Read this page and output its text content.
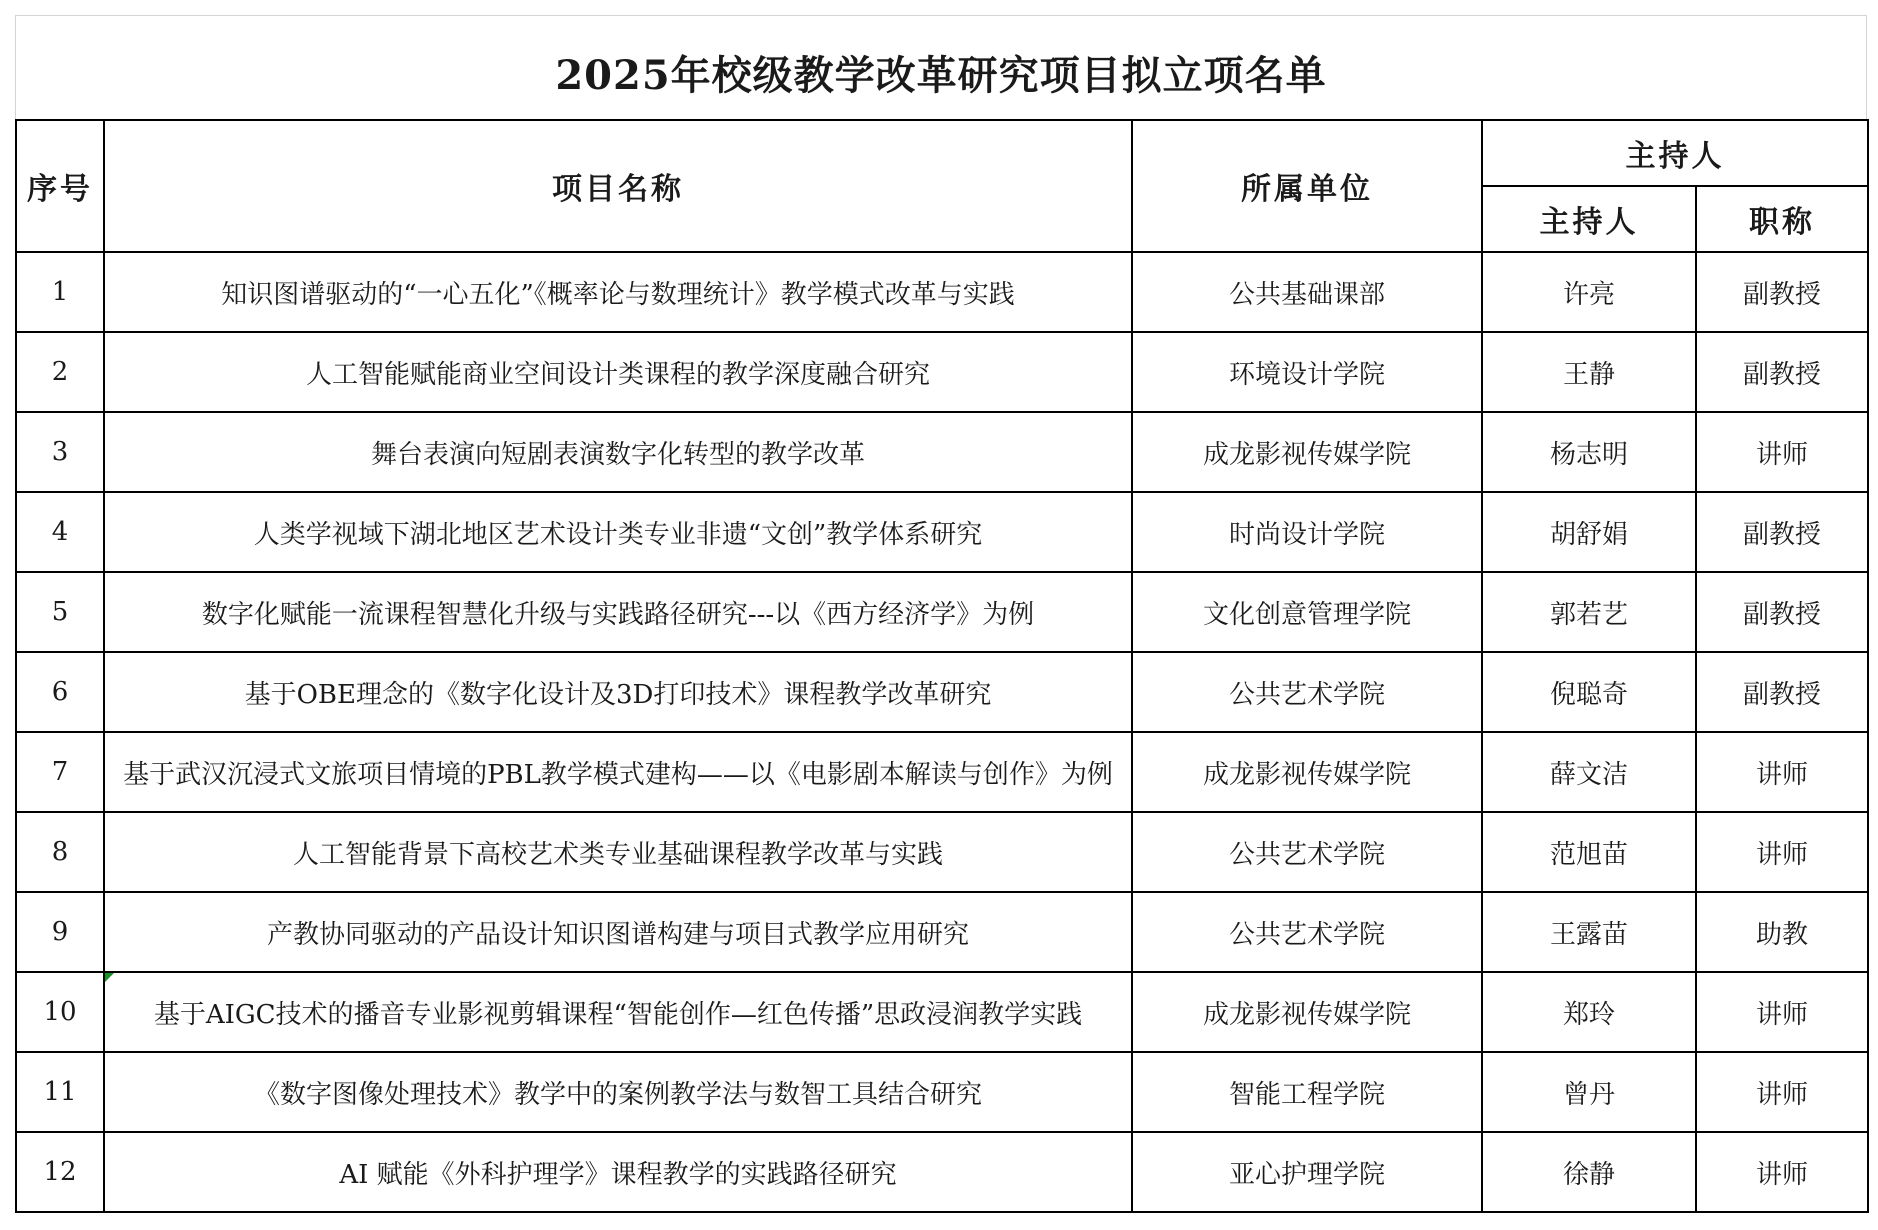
2025年校级教学改革研究项目拟立项名单
序号	项目名称	所属单位	主持人	
			主持人	职称
1	知识图谱驱动的“一心五化”《概率论与数理统计》教学模式改革与实践	公共基础课部	许亮	副教授
2	人工智能赋能商业空间设计类课程的教学深度融合研究	环境设计学院	王静	副教授
3	舞台表演向短剧表演数字化转型的教学改革	成龙影视传媒学院	杨志明	讲师
4	人类学视域下湖北地区艺术设计类专业非遗“文创”教学体系研究	时尚设计学院	胡舒娟	副教授
5	数字化赋能一流课程智慧化升级与实践路径研究---以《西方经济学》为例	文化创意管理学院	郭若艺	副教授
6	基于OBE理念的《数字化设计及3D打印技术》课程教学改革研究	公共艺术学院	倪聪奇	副教授
7	基于武汉沉浸式文旅项目情境的PBL教学模式建构——以《电影剧本解读与创作》为例	成龙影视传媒学院	薛文洁	讲师
8	人工智能背景下高校艺术类专业基础课程教学改革与实践	公共艺术学院	范旭苗	讲师
9	产教协同驱动的产品设计知识图谱构建与项目式教学应用研究	公共艺术学院	王露苗	助教
10	基于AIGC技术的播音专业影视剪辑课程“智能创作—红色传播”思政浸润教学实践	成龙影视传媒学院	郑玲	讲师
11	《数字图像处理技术》教学中的案例教学法与数智工具结合研究	智能工程学院	曾丹	讲师
12	AI 赋能《外科护理学》课程教学的实践路径研究	亚心护理学院	徐静	讲师
